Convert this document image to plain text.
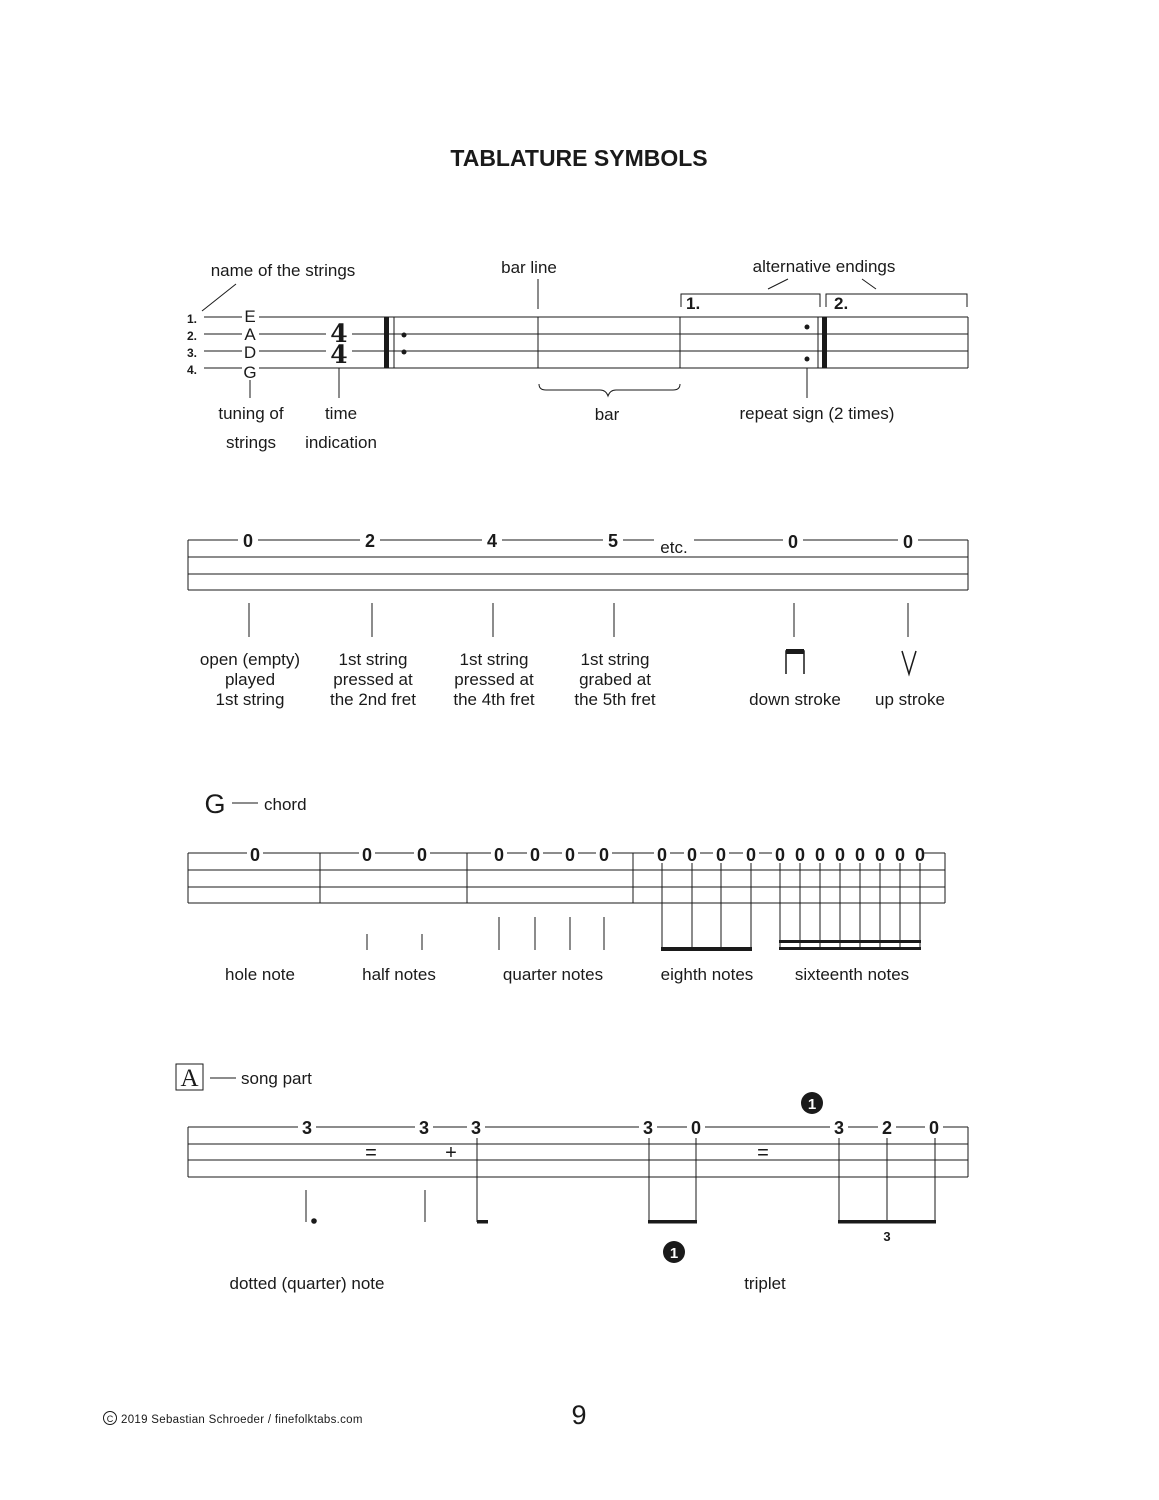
TABLATURE SYMBOLS
1.
2.
3.
4.
E
A
D
G
4
4
1.	2.
name of the strings	bar line	alternative endings
tuning of
strings
time
indication
bar	repeat sign (2 times)
0	2	4	5	0	0
etc.
open (empty)
played
1st string
1st string
pressed at
the 2nd fret
1st string
pressed at
the 4th fret
1st string
grabed at
the 5th fret	down stroke up stroke
G chord
0	0 0	0 0 0 0	0 0 0 0 0 0 0 0 0 0 0 0
hole note	half notes	quarter notes	eighth notes sixteenth notes
A song part
3	3 3	3 0	3 2 0
=	+	=
1
1
3
dotted (quarter) note	triplet
C 2019 Sebastian Schroeder / finefolktabs.com	9
